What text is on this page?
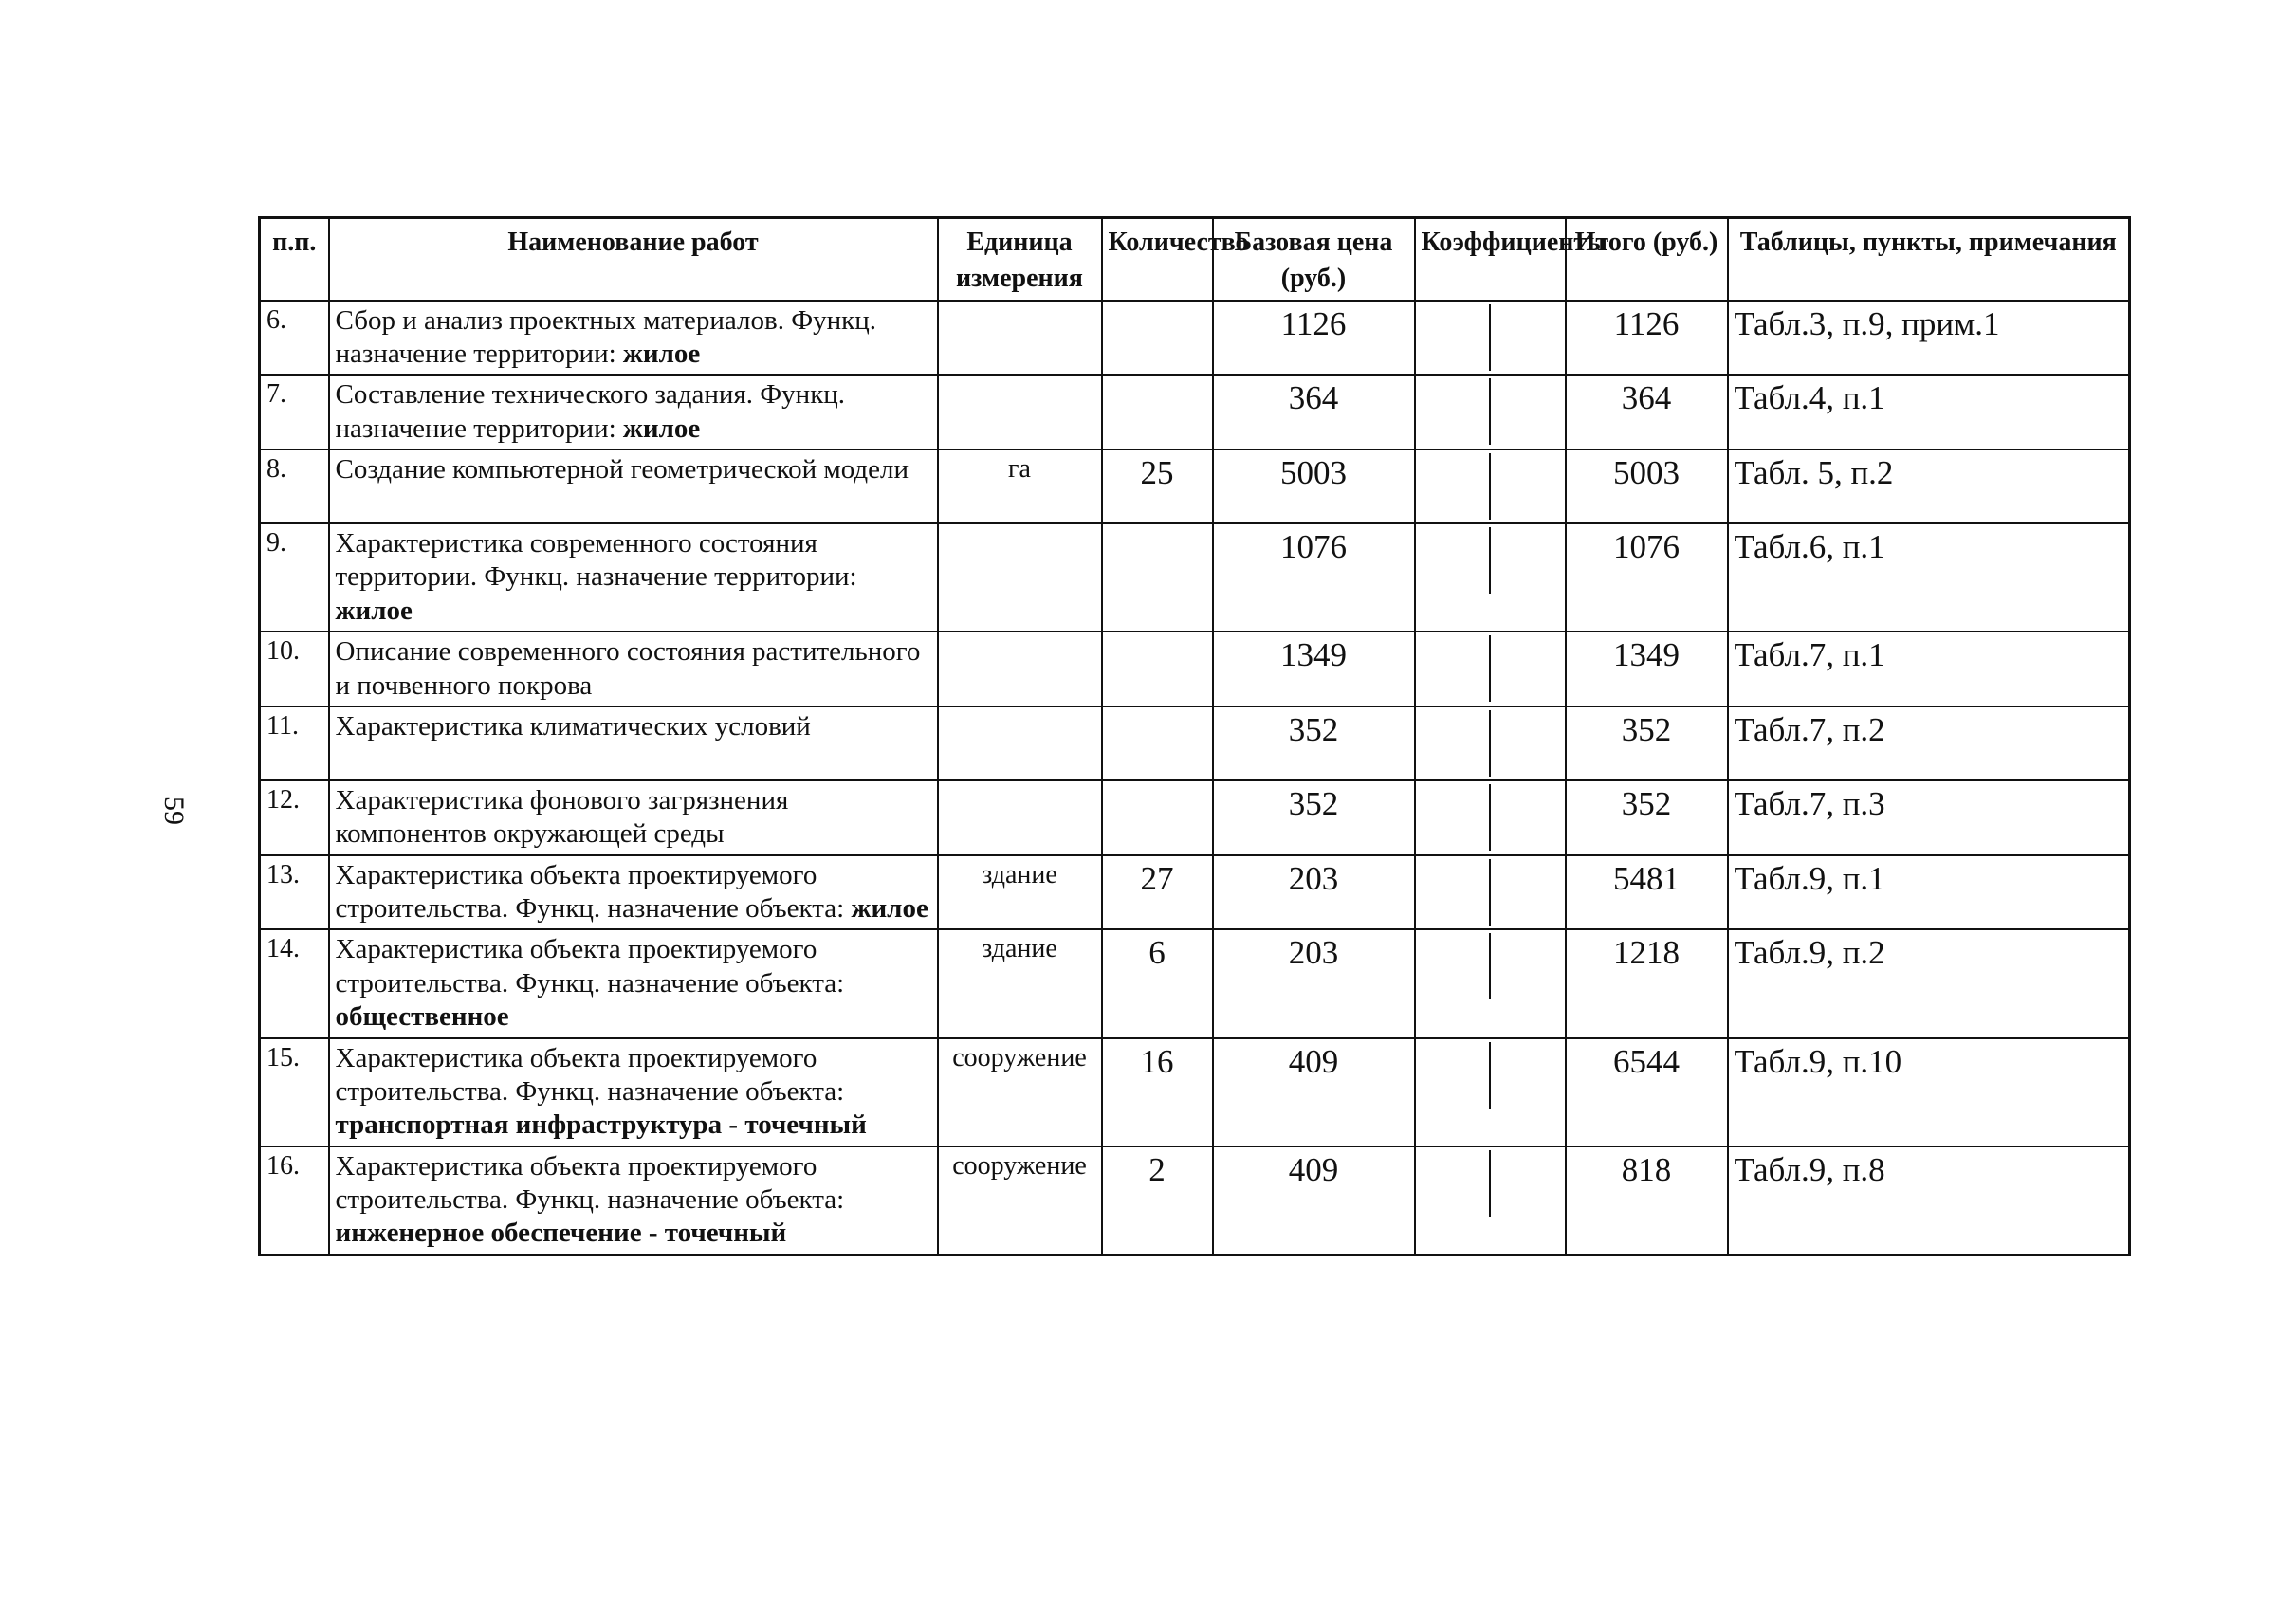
59
п.п.	Наименование работ	Единица измерения	Количество	Базовая цена (руб.)	Коэффициенты	Итого (руб.)	Таблицы, пункты, примечания
6.	Сбор и анализ проектных материалов. Функц. назначение территории: жилое			1126		1126	Табл.3, п.9, прим.1
7.	Составление технического задания. Функц. назначение территории: жилое			364		364	Табл.4, п.1
8.	Создание компьютерной геометрической модели	га	25	5003		5003	Табл. 5, п.2
9.	Характеристика современного состояния территории. Функц. назначение территории: жилое			1076		1076	Табл.6, п.1
10.	Описание современного состояния растительного и почвенного покрова			1349		1349	Табл.7, п.1
11.	Характеристика климатических условий			352		352	Табл.7, п.2
12.	Характеристика фонового загрязнения компонентов окружающей среды			352		352	Табл.7, п.3
13.	Характеристика объекта проектируемого строительства. Функц. назначение объекта: жилое	здание	27	203		5481	Табл.9, п.1
14.	Характеристика объекта проектируемого строительства. Функц. назначение объекта: общественное	здание	6	203		1218	Табл.9, п.2
15.	Характеристика объекта проектируемого строительства. Функц. назначение объекта: транспортная инфраструктура - точечный	сооружение	16	409		6544	Табл.9, п.10
16.	Характеристика объекта проектируемого строительства. Функц. назначение объекта: инженерное обеспечение - точечный	сооружение	2	409		818	Табл.9, п.8
